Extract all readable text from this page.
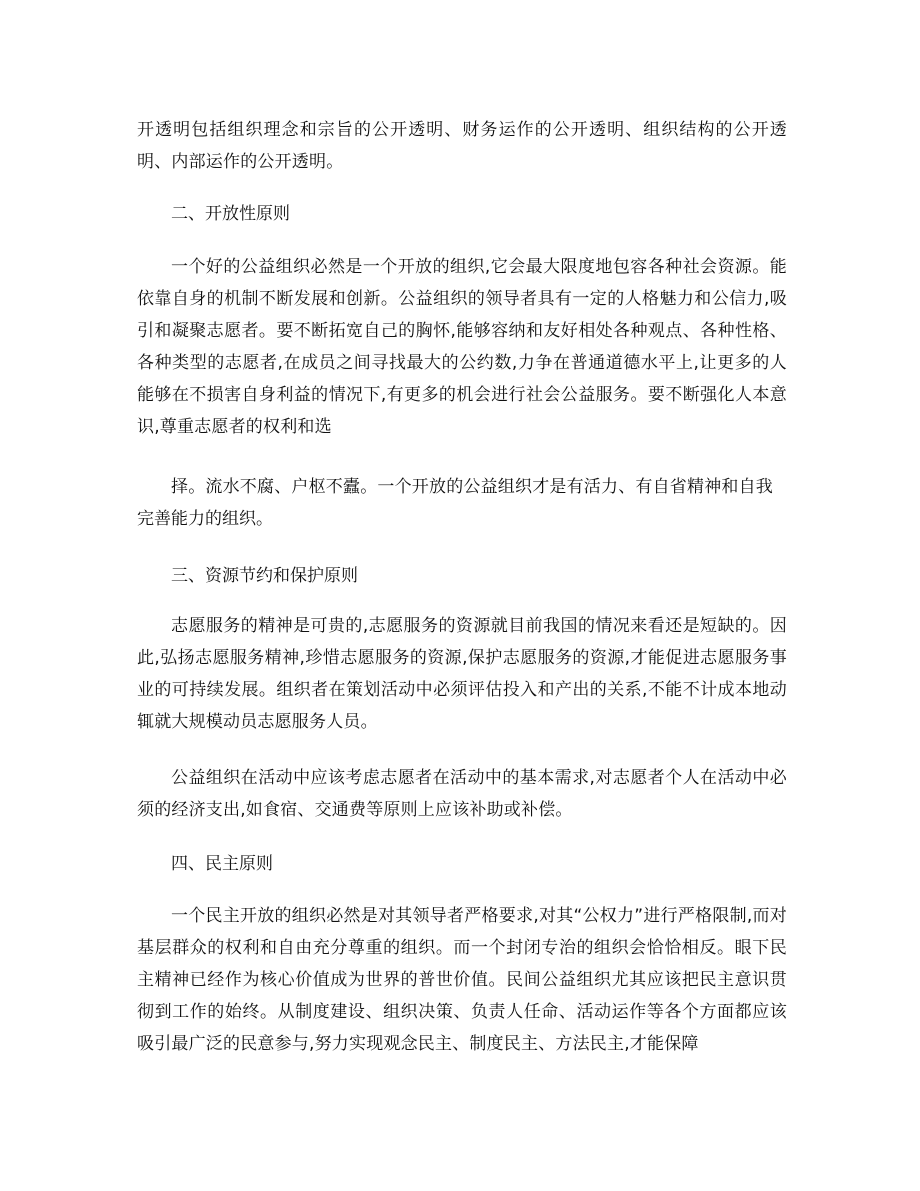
开透明包括组织理念和宗旨的公开透明、财务运作的公开透明、组织结构的公开透明、内部运作的公开透明。

二、开放性原则

一个好的公益组织必然是一个开放的组织,它会最大限度地包容各种社会资源。能依靠自身的机制不断发展和创新。公益组织的领导者具有一定的人格魅力和公信力,吸引和凝聚志愿者。要不断拓宽自己的胸怀,能够容纳和友好相处各种观点、各种性格、各种类型的志愿者,在成员之间寻找最大的公约数,力争在普通道德水平上,让更多的人能够在不损害自身利益的情况下,有更多的机会进行社会公益服务。要不断强化人本意识,尊重志愿者的权利和选

择。流水不腐、户枢不蠹。一个开放的公益组织才是有活力、有自省精神和自我

完善能力的组织。

三、资源节约和保护原则

志愿服务的精神是可贵的,志愿服务的资源就目前我国的情况来看还是短缺的。因此,弘扬志愿服务精神,珍惜志愿服务的资源,保护志愿服务的资源,才能促进志愿服务事业的可持续发展。组织者在策划活动中必须评估投入和产出的关系,不能不计成本地动辄就大规模动员志愿服务人员。

公益组织在活动中应该考虑志愿者在活动中的基本需求,对志愿者个人在活动中必须的经济支出,如食宿、交通费等原则上应该补助或补偿。

四、民主原则

一个民主开放的组织必然是对其领导者严格要求,对其“公权力”进行严格限制,而对基层群众的权利和自由充分尊重的组织。而一个封闭专治的组织会恰恰相反。眼下民主精神已经作为核心价值成为世界的普世价值。民间公益组织尤其应该把民主意识贯彻到工作的始终。从制度建设、组织决策、负责人任命、活动运作等各个方面都应该吸引最广泛的民意参与,努力实现观念民主、制度民主、方法民主,才能保障
